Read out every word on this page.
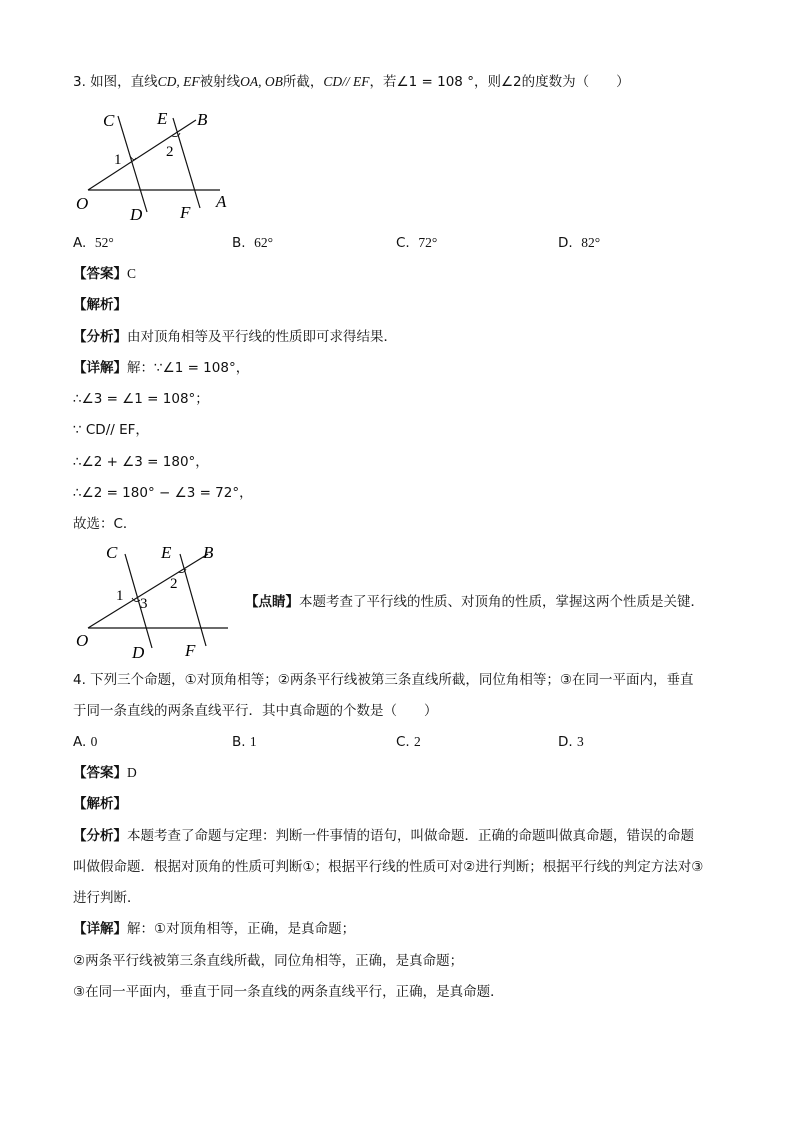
3. 如图，直线CD, EF被射线OA, OB所截，CD// EF，若∠1 = 108 °，则∠2的度数为（　　）
C	E B
1	2
O
D F
A
A. 52°	B. 62°	C. 72°	D. 82°
【答案】C
【解析】
【分析】由对顶角相等及平行线的性质即可求得结果．
【详解】解：∵∠1 = 108°，
∴∠3 = ∠1 = 108°；
∵ CD// EF，
∴∠2 + ∠3 = 180°，
∴∠2 = 180° − ∠3 = 72°，
故选：C．
C	E B
1 3
2
O
D F
【点睛】本题考查了平行线的性质、对顶角的性质，掌握这两个性质是关键．
4. 下列三个命题，①对顶角相等；②两条平行线被第三条直线所截，同位角相等；③在同一平面内，垂直
于同一条直线的两条直线平行．其中真命题的个数是（　　）
A. 0	B. 1	C. 2	D. 3
【答案】D
【解析】
【分析】本题考查了命题与定理：判断一件事情的语句，叫做命题．正确的命题叫做真命题，错误的命题
叫做假命题．根据对顶角的性质可判断①；根据平行线的性质可对②进行判断；根据平行线的判定方法对③
进行判断．
【详解】解：①对顶角相等，正确，是真命题；
②两条平行线被第三条直线所截，同位角相等，正确，是真命题；
③在同一平面内，垂直于同一条直线的两条直线平行，正确，是真命题．
